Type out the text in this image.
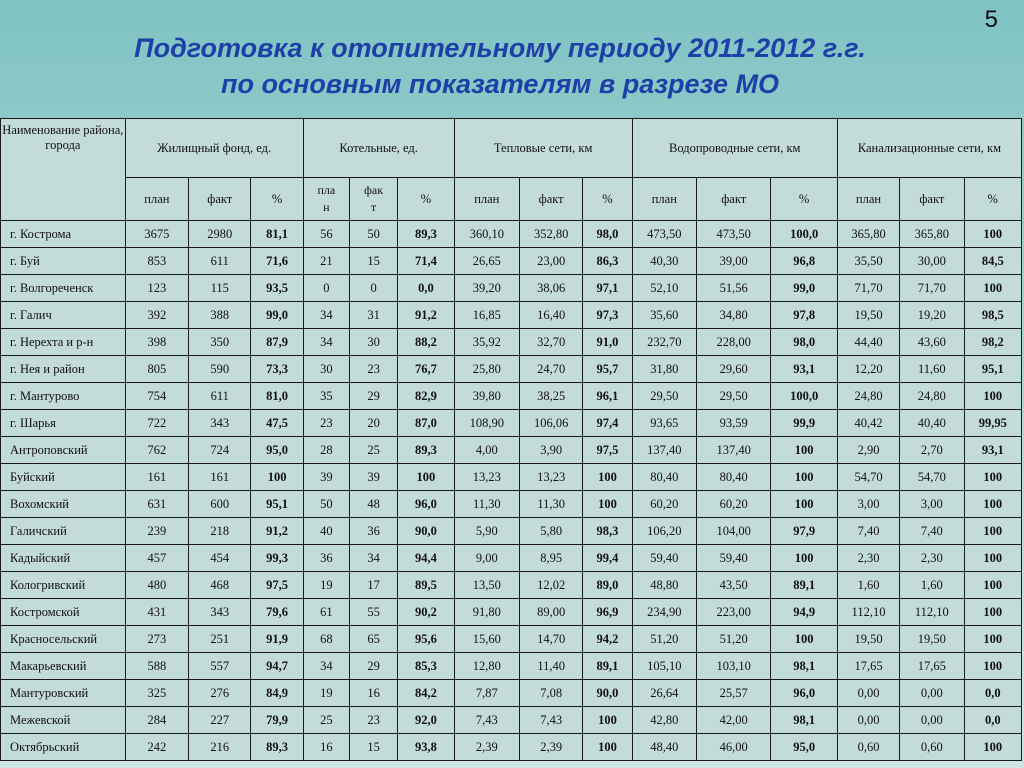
5
Подготовка к отопительному периоду 2011-2012 г.г.
по основным показателям в разрезе МО
Наименование района, города	Жилищный фонд, ед.			Котельные, ед.			Тепловые сети, км			Водопроводные сети, км			Канализационные сети, км		
	план	факт	%	пла н	фак т	%	план	факт	%	план	факт	%	план	факт	%
г. Кострома	3675	2980	81,1	56	50	89,3	360,10	352,80	98,0	473,50	473,50	100,0	365,80	365,80	100
г. Буй	853	611	71,6	21	15	71,4	26,65	23,00	86,3	40,30	39,00	96,8	35,50	30,00	84,5
г. Волгореченск	123	115	93,5	0	0	0,0	39,20	38,06	97,1	52,10	51,56	99,0	71,70	71,70	100
г. Галич	392	388	99,0	34	31	91,2	16,85	16,40	97,3	35,60	34,80	97,8	19,50	19,20	98,5
г. Нерехта и р-н	398	350	87,9	34	30	88,2	35,92	32,70	91,0	232,70	228,00	98,0	44,40	43,60	98,2
г. Нея и район	805	590	73,3	30	23	76,7	25,80	24,70	95,7	31,80	29,60	93,1	12,20	11,60	95,1
г. Мантурово	754	611	81,0	35	29	82,9	39,80	38,25	96,1	29,50	29,50	100,0	24,80	24,80	100
г. Шарья	722	343	47,5	23	20	87,0	108,90	106,06	97,4	93,65	93,59	99,9	40,42	40,40	99,95
Антроповский	762	724	95,0	28	25	89,3	4,00	3,90	97,5	137,40	137,40	100	2,90	2,70	93,1
Буйский	161	161	100	39	39	100	13,23	13,23	100	80,40	80,40	100	54,70	54,70	100
Вохомский	631	600	95,1	50	48	96,0	11,30	11,30	100	60,20	60,20	100	3,00	3,00	100
Галичский	239	218	91,2	40	36	90,0	5,90	5,80	98,3	106,20	104,00	97,9	7,40	7,40	100
Кадыйский	457	454	99,3	36	34	94,4	9,00	8,95	99,4	59,40	59,40	100	2,30	2,30	100
Кологривский	480	468	97,5	19	17	89,5	13,50	12,02	89,0	48,80	43,50	89,1	1,60	1,60	100
Костромской	431	343	79,6	61	55	90,2	91,80	89,00	96,9	234,90	223,00	94,9	112,10	112,10	100
Красносельский	273	251	91,9	68	65	95,6	15,60	14,70	94,2	51,20	51,20	100	19,50	19,50	100
Макарьевский	588	557	94,7	34	29	85,3	12,80	11,40	89,1	105,10	103,10	98,1	17,65	17,65	100
Мантуровский	325	276	84,9	19	16	84,2	7,87	7,08	90,0	26,64	25,57	96,0	0,00	0,00	0,0
Межевской	284	227	79,9	25	23	92,0	7,43	7,43	100	42,80	42,00	98,1	0,00	0,00	0,0
Октябрьский	242	216	89,3	16	15	93,8	2,39	2,39	100	48,40	46,00	95,0	0,60	0,60	100
